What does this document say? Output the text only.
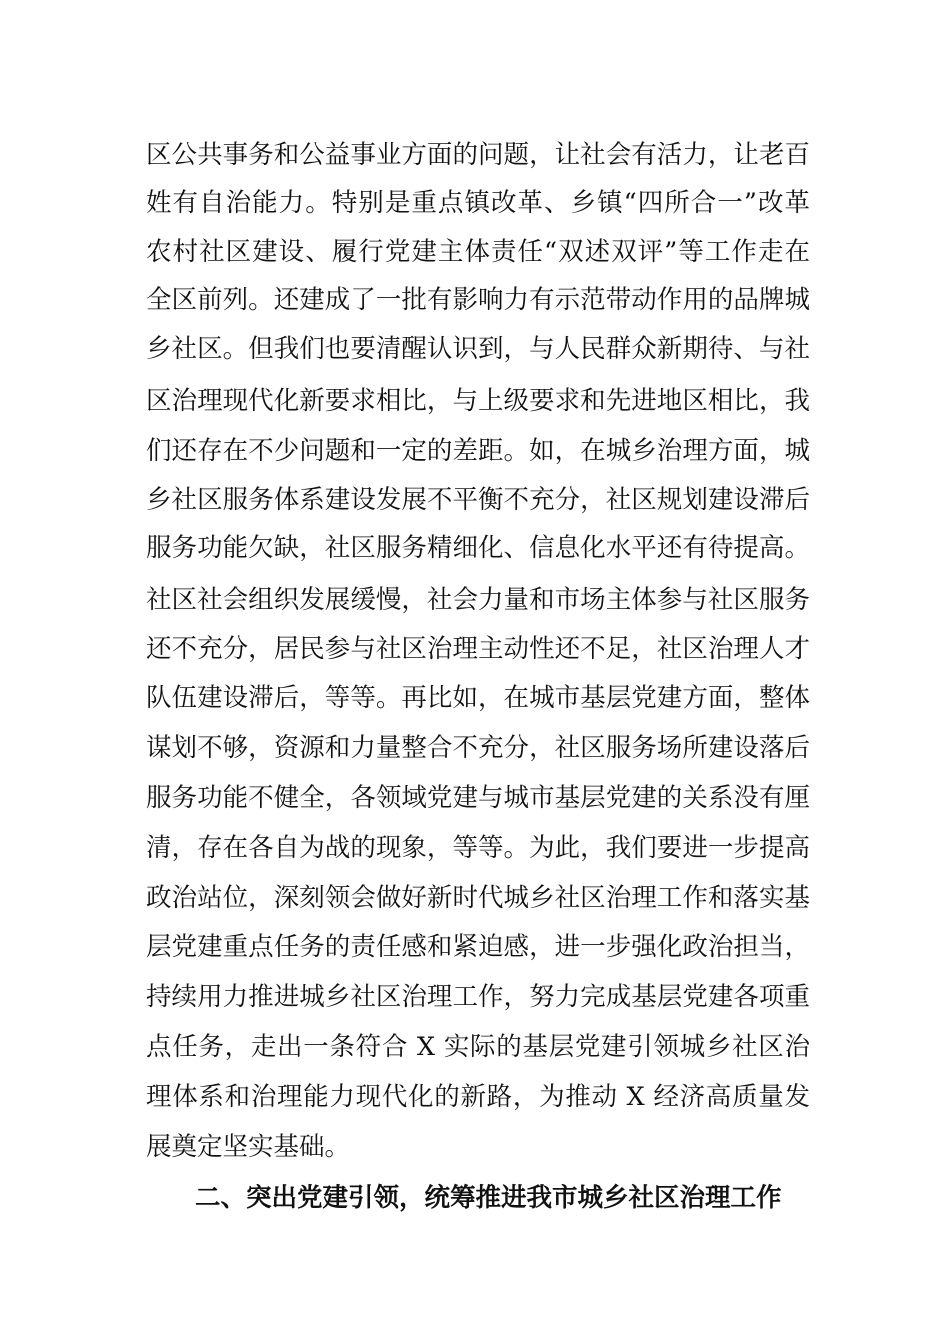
区公共事务和公益事业方面的问题，让社会有活力，让老百
姓有自治能力。特别是重点镇改革、乡镇“四所合一”改革
农村社区建设、履行党建主体责任“双述双评”等工作走在
全区前列。还建成了一批有影响力有示范带动作用的品牌城
乡社区。但我们也要清醒认识到，与人民群众新期待、与社
区治理现代化新要求相比，与上级要求和先进地区相比，我
们还存在不少问题和一定的差距。如，在城乡治理方面，城
乡社区服务体系建设发展不平衡不充分，社区规划建设滞后
服务功能欠缺，社区服务精细化、信息化水平还有待提高。
社区社会组织发展缓慢，社会力量和市场主体参与社区服务
还不充分，居民参与社区治理主动性还不足，社区治理人才
队伍建设滞后，等等。再比如，在城市基层党建方面，整体
谋划不够，资源和力量整合不充分，社区服务场所建设落后
服务功能不健全，各领域党建与城市基层党建的关系没有厘
清，存在各自为战的现象，等等。为此，我们要进一步提高
政治站位，深刻领会做好新时代城乡社区治理工作和落实基
层党建重点任务的责任感和紧迫感，进一步强化政治担当，
持续用力推进城乡社区治理工作，努力完成基层党建各项重
点任务，走出一条符合 X 实际的基层党建引领城乡社区治
理体系和治理能力现代化的新路，为推动 X 经济高质量发
展奠定坚实基础。
二、突出党建引领，统筹推进我市城乡社区治理工作
